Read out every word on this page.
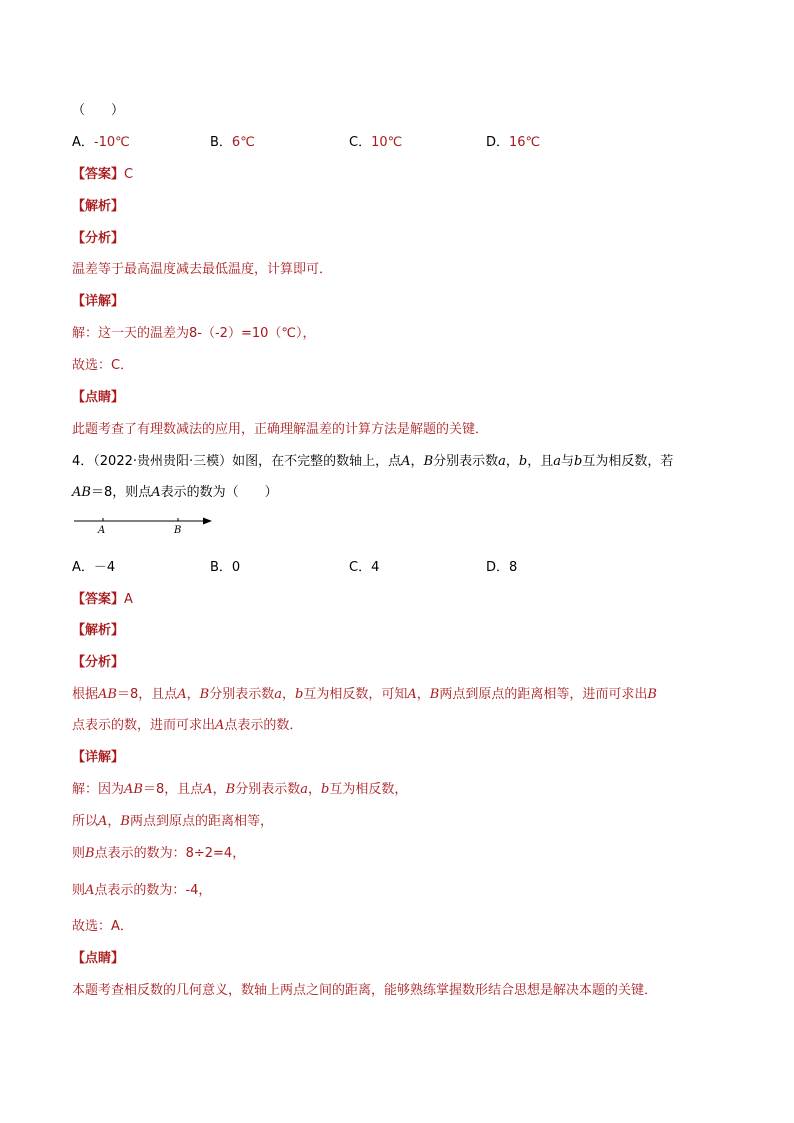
（　　）
A．-10℃	B．6℃	C．10℃	D．16℃
【答案】C
【解析】
【分析】
温差等于最高温度减去最低温度，计算即可．
【详解】
解：这一天的温差为8-（-2）=10（℃），
故选：C．
【点睛】
此题考查了有理数减法的应用，正确理解温差的计算方法是解题的关键．
4．（2022·贵州贵阳·三模）如图，在不完整的数轴上，点A，B分别表示数a，b，且a与b互为相反数，若
AB＝8，则点A表示的数为（　　）
A	B
A．－4	B．0	C．4	D．8
【答案】A
【解析】
【分析】
根据AB＝8，且点A，B分别表示数a，b互为相反数，可知A，B两点到原点的距离相等，进而可求出B
点表示的数，进而可求出A点表示的数．
【详解】
解：因为AB＝8，且点A，B分别表示数a，b互为相反数，
所以A，B两点到原点的距离相等，
则B点表示的数为：8÷2=4，
则A点表示的数为：-4，
故选：A．
【点睛】
本题考查相反数的几何意义，数轴上两点之间的距离，能够熟练掌握数形结合思想是解决本题的关键．
